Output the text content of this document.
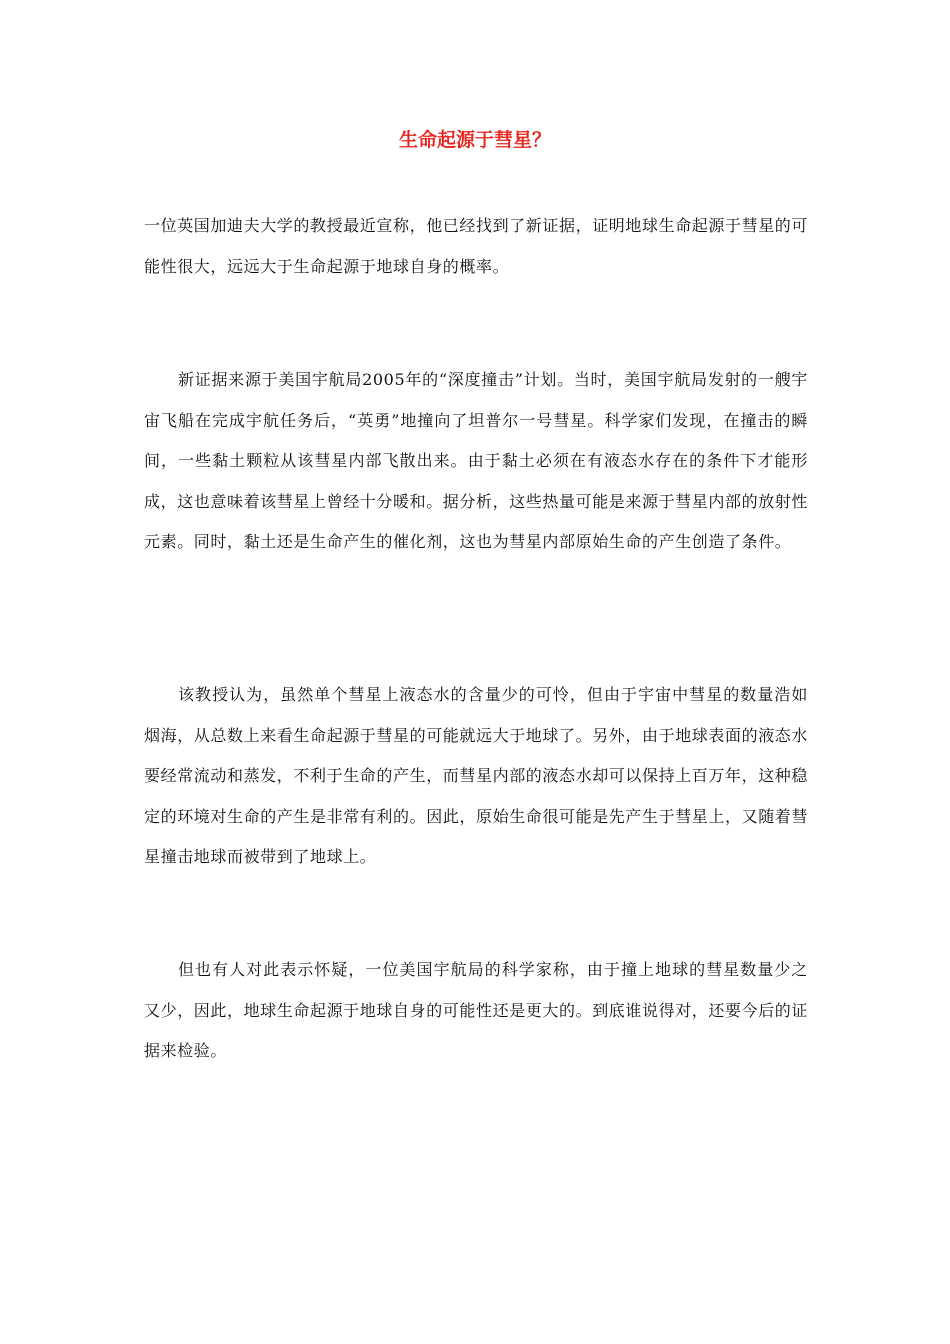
生命起源于彗星？

一位英国加迪夫大学的教授最近宣称，他已经找到了新证据，证明地球生命起源于彗星的可能性很大，远远大于生命起源于地球自身的概率。

新证据来源于美国宇航局2005年的“深度撞击”计划。当时，美国宇航局发射的一艘宇宙飞船在完成宇航任务后，“英勇”地撞向了坦普尔一号彗星。科学家们发现，在撞击的瞬间，一些黏土颗粒从该彗星内部飞散出来。由于黏土必须在有液态水存在的条件下才能形成，这也意味着该彗星上曾经十分暖和。据分析，这些热量可能是来源于彗星内部的放射性元素。同时，黏土还是生命产生的催化剂，这也为彗星内部原始生命的产生创造了条件。

该教授认为，虽然单个彗星上液态水的含量少的可怜，但由于宇宙中彗星的数量浩如烟海，从总数上来看生命起源于彗星的可能就远大于地球了。另外，由于地球表面的液态水要经常流动和蒸发，不利于生命的产生，而彗星内部的液态水却可以保持上百万年，这种稳定的环境对生命的产生是非常有利的。因此，原始生命很可能是先产生于彗星上，又随着彗星撞击地球而被带到了地球上。

但也有人对此表示怀疑，一位美国宇航局的科学家称，由于撞上地球的彗星数量少之又少，因此，地球生命起源于地球自身的可能性还是更大的。到底谁说得对，还要今后的证据来检验。
